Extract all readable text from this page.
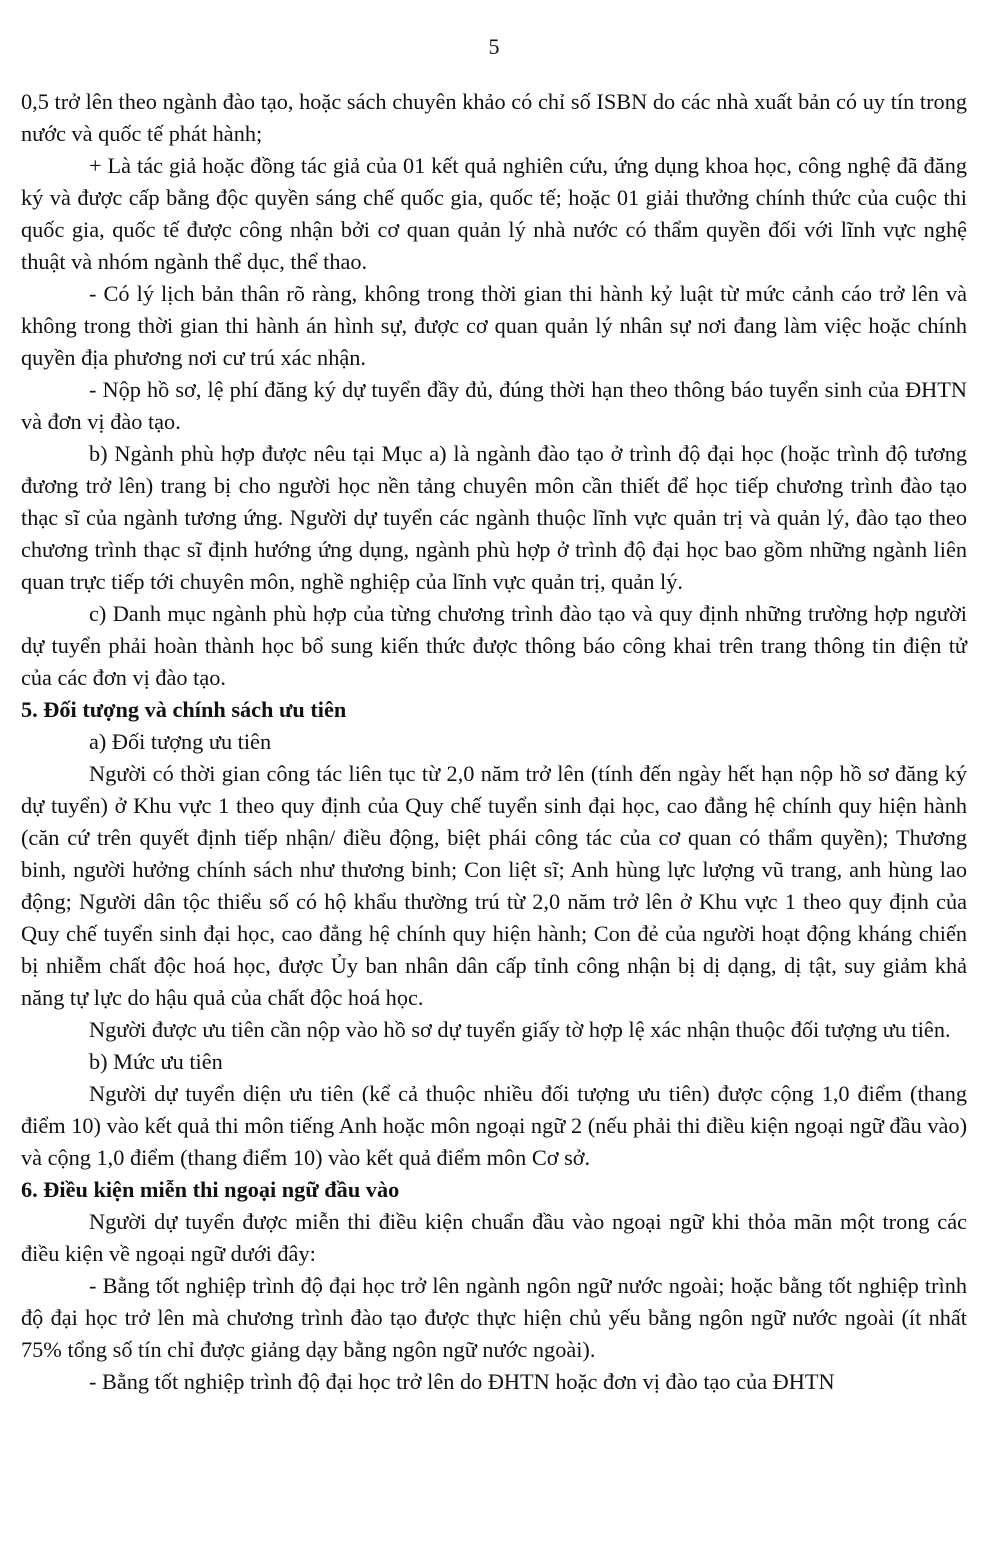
5

0,5 trở lên theo ngành đào tạo, hoặc sách chuyên khảo có chỉ số ISBN do các nhà xuất bản có uy tín trong nước và quốc tế phát hành;

+ Là tác giả hoặc đồng tác giả của 01 kết quả nghiên cứu, ứng dụng khoa học, công nghệ đã đăng ký và được cấp bằng độc quyền sáng chế quốc gia, quốc tế; hoặc 01 giải thưởng chính thức của cuộc thi quốc gia, quốc tế được công nhận bởi cơ quan quản lý nhà nước có thẩm quyền đối với lĩnh vực nghệ thuật và nhóm ngành thể dục, thể thao.

- Có lý lịch bản thân rõ ràng, không trong thời gian thi hành kỷ luật từ mức cảnh cáo trở lên và không trong thời gian thi hành án hình sự, được cơ quan quản lý nhân sự nơi đang làm việc hoặc chính quyền địa phương nơi cư trú xác nhận.

- Nộp hồ sơ, lệ phí đăng ký dự tuyển đầy đủ, đúng thời hạn theo thông báo tuyển sinh của ĐHTN và đơn vị đào tạo.

b) Ngành phù hợp được nêu tại Mục a) là ngành đào tạo ở trình độ đại học (hoặc trình độ tương đương trở lên) trang bị cho người học nền tảng chuyên môn cần thiết để học tiếp chương trình đào tạo thạc sĩ của ngành tương ứng. Người dự tuyển các ngành thuộc lĩnh vực quản trị và quản lý, đào tạo theo chương trình thạc sĩ định hướng ứng dụng, ngành phù hợp ở trình độ đại học bao gồm những ngành liên quan trực tiếp tới chuyên môn, nghề nghiệp của lĩnh vực quản trị, quản lý.

c) Danh mục ngành phù hợp của từng chương trình đào tạo và quy định những trường hợp người dự tuyển phải hoàn thành học bổ sung kiến thức được thông báo công khai trên trang thông tin điện tử của các đơn vị đào tạo.

5. Đối tượng và chính sách ưu tiên

a) Đối tượng ưu tiên

Người có thời gian công tác liên tục từ 2,0 năm trở lên (tính đến ngày hết hạn nộp hồ sơ đăng ký dự tuyển) ở Khu vực 1 theo quy định của Quy chế tuyển sinh đại học, cao đẳng hệ chính quy hiện hành (căn cứ trên quyết định tiếp nhận/ điều động, biệt phái công tác của cơ quan có thẩm quyền); Thương binh, người hưởng chính sách như thương binh; Con liệt sĩ; Anh hùng lực lượng vũ trang, anh hùng lao động; Người dân tộc thiểu số có hộ khẩu thường trú từ 2,0 năm trở lên ở Khu vực 1 theo quy định của Quy chế tuyển sinh đại học, cao đẳng hệ chính quy hiện hành; Con đẻ của người hoạt động kháng chiến bị nhiễm chất độc hoá học, được Ủy ban nhân dân cấp tỉnh công nhận bị dị dạng, dị tật, suy giảm khả năng tự lực do hậu quả của chất độc hoá học.

Người được ưu tiên cần nộp vào hồ sơ dự tuyển giấy tờ hợp lệ xác nhận thuộc đối tượng ưu tiên.

b) Mức ưu tiên

Người dự tuyển diện ưu tiên (kể cả thuộc nhiều đối tượng ưu tiên) được cộng 1,0 điểm (thang điểm 10) vào kết quả thi môn tiếng Anh hoặc môn ngoại ngữ 2 (nếu phải thi điều kiện ngoại ngữ đầu vào) và cộng 1,0 điểm (thang điểm 10) vào kết quả điểm môn Cơ sở.

6. Điều kiện miễn thi ngoại ngữ đầu vào

Người dự tuyển được miễn thi điều kiện chuẩn đầu vào ngoại ngữ khi thỏa mãn một trong các điều kiện về ngoại ngữ dưới đây:

- Bằng tốt nghiệp trình độ đại học trở lên ngành ngôn ngữ nước ngoài; hoặc bằng tốt nghiệp trình độ đại học trở lên mà chương trình đào tạo được thực hiện chủ yếu bằng ngôn ngữ nước ngoài (ít nhất 75% tổng số tín chỉ được giảng dạy bằng ngôn ngữ nước ngoài).

- Bằng tốt nghiệp trình độ đại học trở lên do ĐHTN hoặc đơn vị đào tạo của ĐHTN
